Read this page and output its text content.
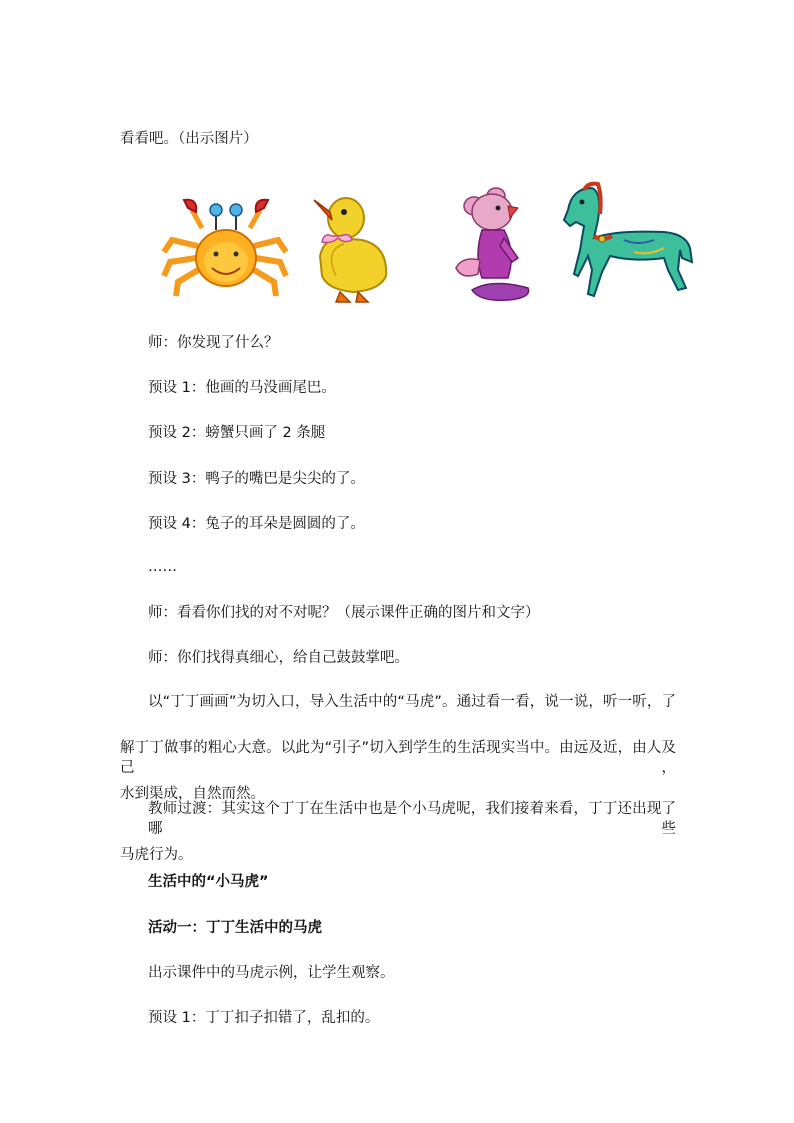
看看吧。（出示图片）
师：你发现了什么？
预设 1：他画的马没画尾巴。
预设 2：螃蟹只画了 2 条腿
预设 3：鸭子的嘴巴是尖尖的了。
预设 4：兔子的耳朵是圆圆的了。
……
师：看看你们找的对不对呢？（展示课件正确的图片和文字）
师：你们找得真细心，给自己鼓鼓掌吧。
以“丁丁画画”为切入口，导入生活中的“马虎”。通过看一看，说一说，听一听，了
解丁丁做事的粗心大意。以此为“引子”切入到学生的生活现实当中。由远及近，由人及己，
水到渠成，自然而然。
教师过渡：其实这个丁丁在生活中也是个小马虎呢，我们接着来看，丁丁还出现了哪些
马虎行为。
生活中的“小马虎”
活动一：丁丁生活中的马虎
出示课件中的马虎示例，让学生观察。
预设 1：丁丁扣子扣错了，乱扣的。
